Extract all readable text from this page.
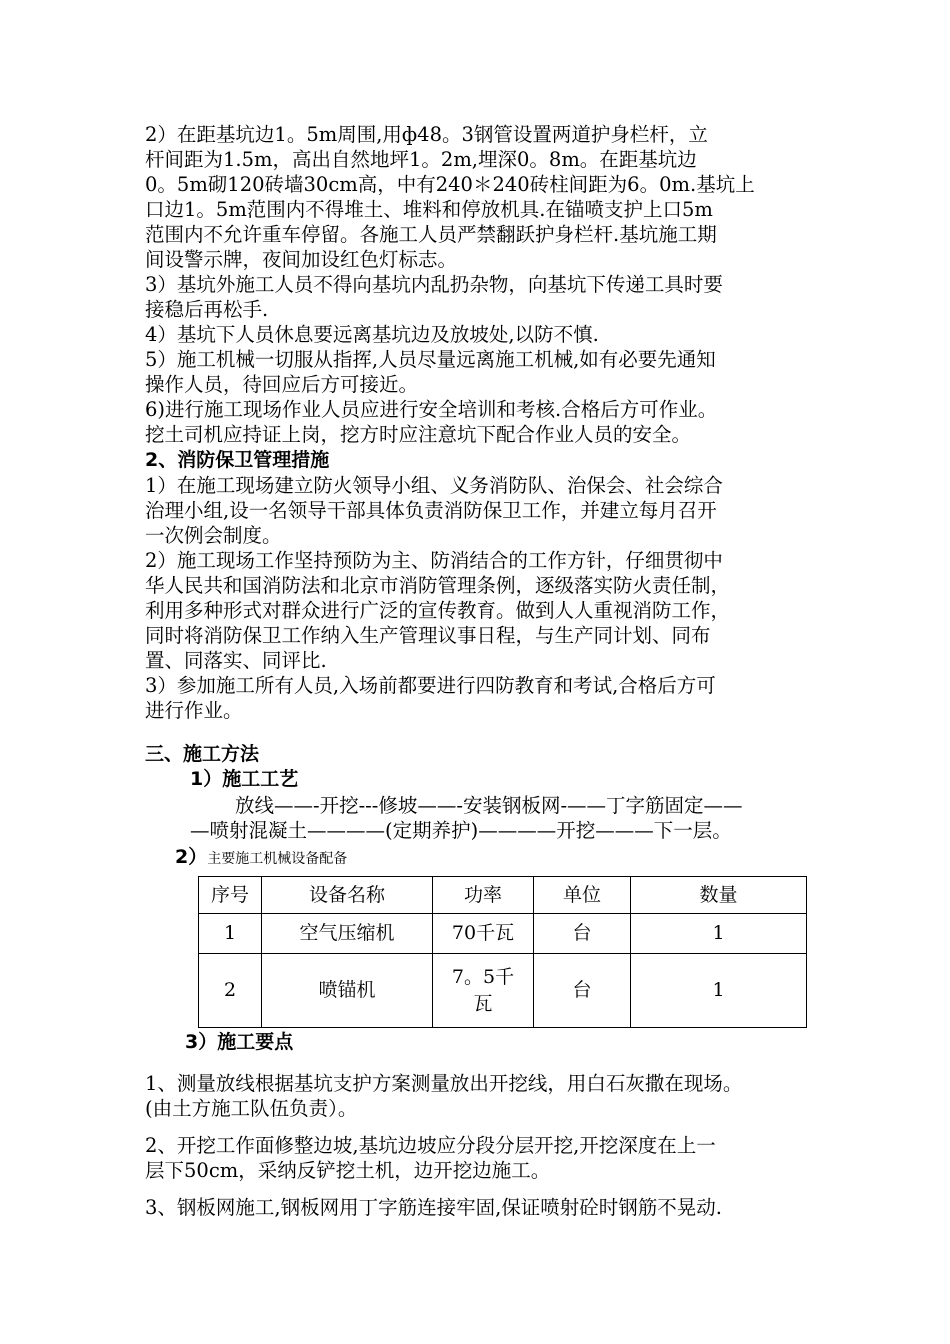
2）在距基坑边1。5m周围,用ф48。3钢管设置两道护身栏杆，立
杆间距为1.5m，高出自然地坪1。2m,埋深0。8m。在距基坑边
0。5m砌120砖墙30cm高，中有240＊240砖柱间距为6。0m.基坑上
口边1。5m范围内不得堆土、堆料和停放机具.在锚喷支护上口5m
范围内不允许重车停留。各施工人员严禁翻跃护身栏杆.基坑施工期
间设警示牌，夜间加设红色灯标志。
3）基坑外施工人员不得向基坑内乱扔杂物，向基坑下传递工具时要
接稳后再松手.
4）基坑下人员休息要远离基坑边及放坡处,以防不慎.
5）施工机械一切服从指挥,人员尽量远离施工机械,如有必要先通知
操作人员，待回应后方可接近。
6)进行施工现场作业人员应进行安全培训和考核.合格后方可作业。
挖土司机应持证上岗，挖方时应注意坑下配合作业人员的安全。
2、消防保卫管理措施
1）在施工现场建立防火领导小组、义务消防队、治保会、社会综合
治理小组,设一名领导干部具体负责消防保卫工作，并建立每月召开
一次例会制度。
2）施工现场工作坚持预防为主、防消结合的工作方针，仔细贯彻中
华人民共和国消防法和北京市消防管理条例，逐级落实防火责任制，
利用多种形式对群众进行广泛的宣传教育。做到人人重视消防工作，
同时将消防保卫工作纳入生产管理议事日程，与生产同计划、同布
置、同落实、同评比.
3）参加施工所有人员,入场前都要进行四防教育和考试,合格后方可
进行作业。
三、施工方法
1）施工工艺
放线——-开挖---修坡——-安装钢板网-——丁字筋固定——
—喷射混凝土————(定期养护)————开挖———下一层。
2）主要施工机械设备配备
序号	设备名称	功率	单位	数量
1	空气压缩机	70千瓦	台	1
2	喷锚机	7。5千
瓦	台	1
3）施工要点
1、测量放线根据基坑支护方案测量放出开挖线，用白石灰撒在现场。
(由土方施工队伍负责）。
2、开挖工作面修整边坡,基坑边坡应分段分层开挖,开挖深度在上一
层下50cm，采纳反铲挖土机，边开挖边施工。
3、钢板网施工,钢板网用丁字筋连接牢固,保证喷射砼时钢筋不晃动.
